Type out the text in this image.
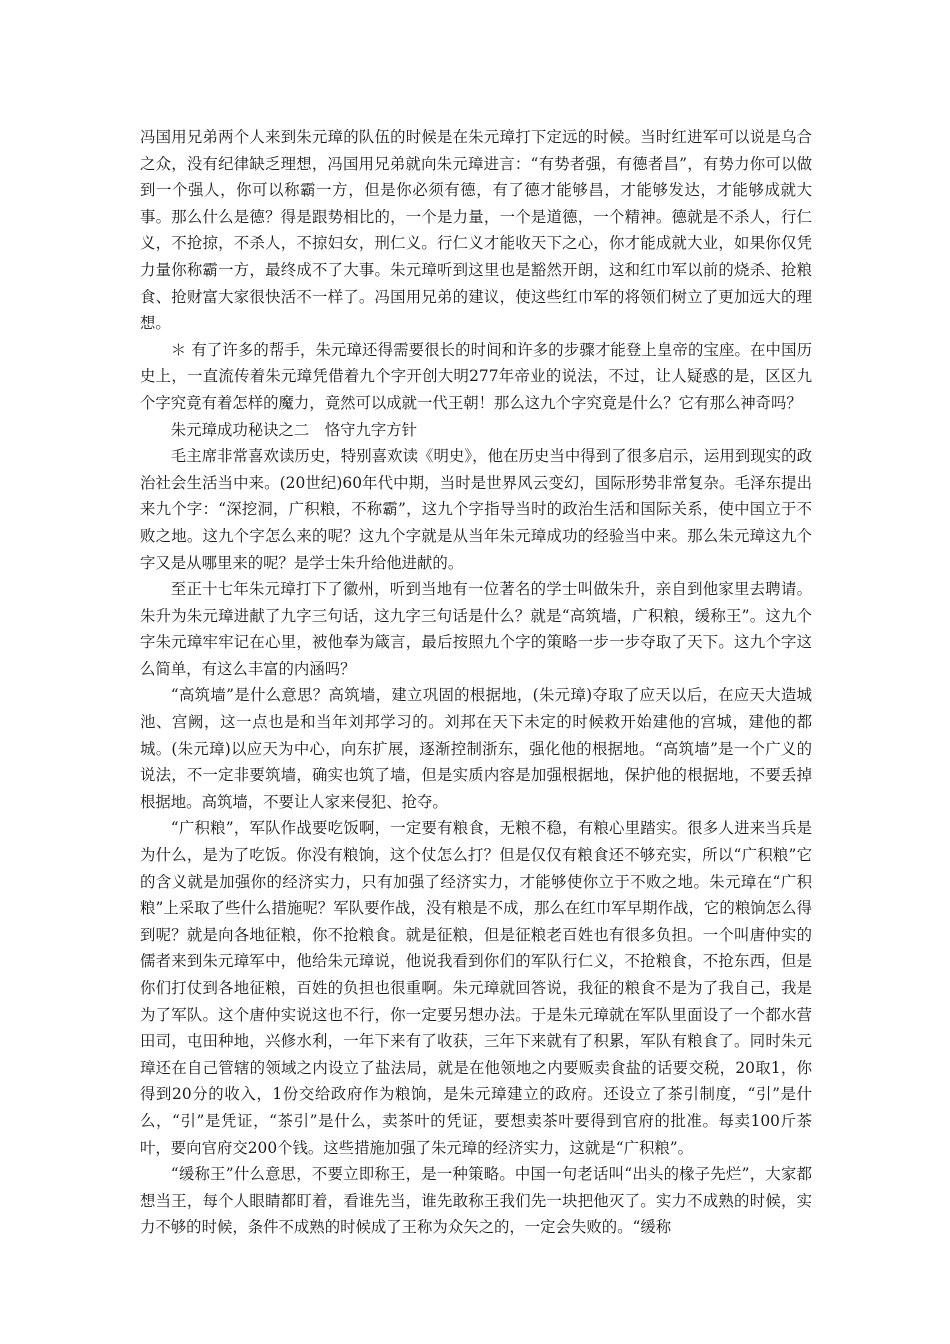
冯国用兄弟两个人来到朱元璋的队伍的时候是在朱元璋打下定远的时候。当时红进军可以说是乌合之众，没有纪律缺乏理想，冯国用兄弟就向朱元璋进言：“有势者强，有德者昌”，有势力你可以做到一个强人，你可以称霸一方，但是你必须有德，有了德才能够昌，才能够发达，才能够成就大事。那么什么是德？得是跟势相比的，一个是力量，一个是道德，一个精神。德就是不杀人，行仁义，不抢掠，不杀人，不掠妇女，刑仁义。行仁义才能收天下之心，你才能成就大业，如果你仅凭力量你称霸一方，最终成不了大事。朱元璋听到这里也是豁然开朗，这和红巾军以前的烧杀、抢粮食、抢财富大家很快活不一样了。冯国用兄弟的建议，使这些红巾军的将领们树立了更加远大的理想。

＊ 有了许多的帮手，朱元璋还得需要很长的时间和许多的步骤才能登上皇帝的宝座。在中国历史上，一直流传着朱元璋凭借着九个字开创大明277年帝业的说法，不过，让人疑惑的是，区区九个字究竟有着怎样的魔力，竟然可以成就一代王朝！那么这九个字究竟是什么？它有那么神奇吗？

朱元璋成功秘诀之二　恪守九字方针

毛主席非常喜欢读历史，特别喜欢读《明史》，他在历史当中得到了很多启示，运用到现实的政治社会生活当中来。(20世纪)60年代中期，当时是世界风云变幻，国际形势非常复杂。毛泽东提出来九个字：“深挖洞，广积粮，不称霸”，这九个字指导当时的政治生活和国际关系，使中国立于不败之地。这九个字怎么来的呢？这九个字就是从当年朱元璋成功的经验当中来。那么朱元璋这九个字又是从哪里来的呢？是学士朱升给他进献的。

至正十七年朱元璋打下了徽州，听到当地有一位著名的学士叫做朱升，亲自到他家里去聘请。朱升为朱元璋进献了九字三句话，这九字三句话是什么？就是“高筑墙，广积粮，缓称王”。这九个字朱元璋牢牢记在心里，被他奉为箴言，最后按照九个字的策略一步一步夺取了天下。这九个字这么简单，有这么丰富的内涵吗？

“高筑墙”是什么意思？高筑墙，建立巩固的根据地，(朱元璋)夺取了应天以后，在应天大造城池、宫阙，这一点也是和当年刘邦学习的。刘邦在天下未定的时候救开始建他的宫城，建他的都城。(朱元璋)以应天为中心，向东扩展，逐渐控制浙东，强化他的根据地。“高筑墙”是一个广义的说法，不一定非要筑墙，确实也筑了墙，但是实质内容是加强根据地，保护他的根据地，不要丢掉根据地。高筑墙，不要让人家来侵犯、抢夺。

“广积粮”，军队作战要吃饭啊，一定要有粮食，无粮不稳，有粮心里踏实。很多人进来当兵是为什么，是为了吃饭。你没有粮饷，这个仗怎么打？但是仅仅有粮食还不够充实，所以“广积粮”它的含义就是加强你的经济实力，只有加强了经济实力，才能够使你立于不败之地。朱元璋在“广积粮”上采取了些什么措施呢？军队要作战，没有粮是不成，那么在红巾军早期作战，它的粮饷怎么得到呢？就是向各地征粮，你不抢粮食。就是征粮，但是征粮老百姓也有很多负担。一个叫唐仲实的儒者来到朱元璋军中，他给朱元璋说，他说我看到你们的军队行仁义，不抢粮食，不抢东西，但是你们打仗到各地征粮，百姓的负担也很重啊。朱元璋就回答说，我征的粮食不是为了我自己，我是为了军队。这个唐仲实说这也不行，你一定要另想办法。于是朱元璋就在军队里面设了一个都水营田司，屯田种地，兴修水利，一年下来有了收获，三年下来就有了积累，军队有粮食了。同时朱元璋还在自己管辖的领域之内设立了盐法局，就是在他领地之内要贩卖食盐的话要交税，20取1，你得到20分的收入，1份交给政府作为粮饷，是朱元璋建立的政府。还设立了茶引制度，“引”是什么，“引”是凭证，“茶引”是什么，卖茶叶的凭证，要想卖茶叶要得到官府的批准。每卖100斤茶叶，要向官府交200个钱。这些措施加强了朱元璋的经济实力，这就是“广积粮”。

“缓称王”什么意思，不要立即称王，是一种策略。中国一句老话叫“出头的椽子先烂”，大家都想当王，每个人眼睛都盯着，看谁先当，谁先敢称王我们先一块把他灭了。实力不成熟的时候，实力不够的时候，条件不成熟的时候成了王称为众矢之的，一定会失败的。“缓称
